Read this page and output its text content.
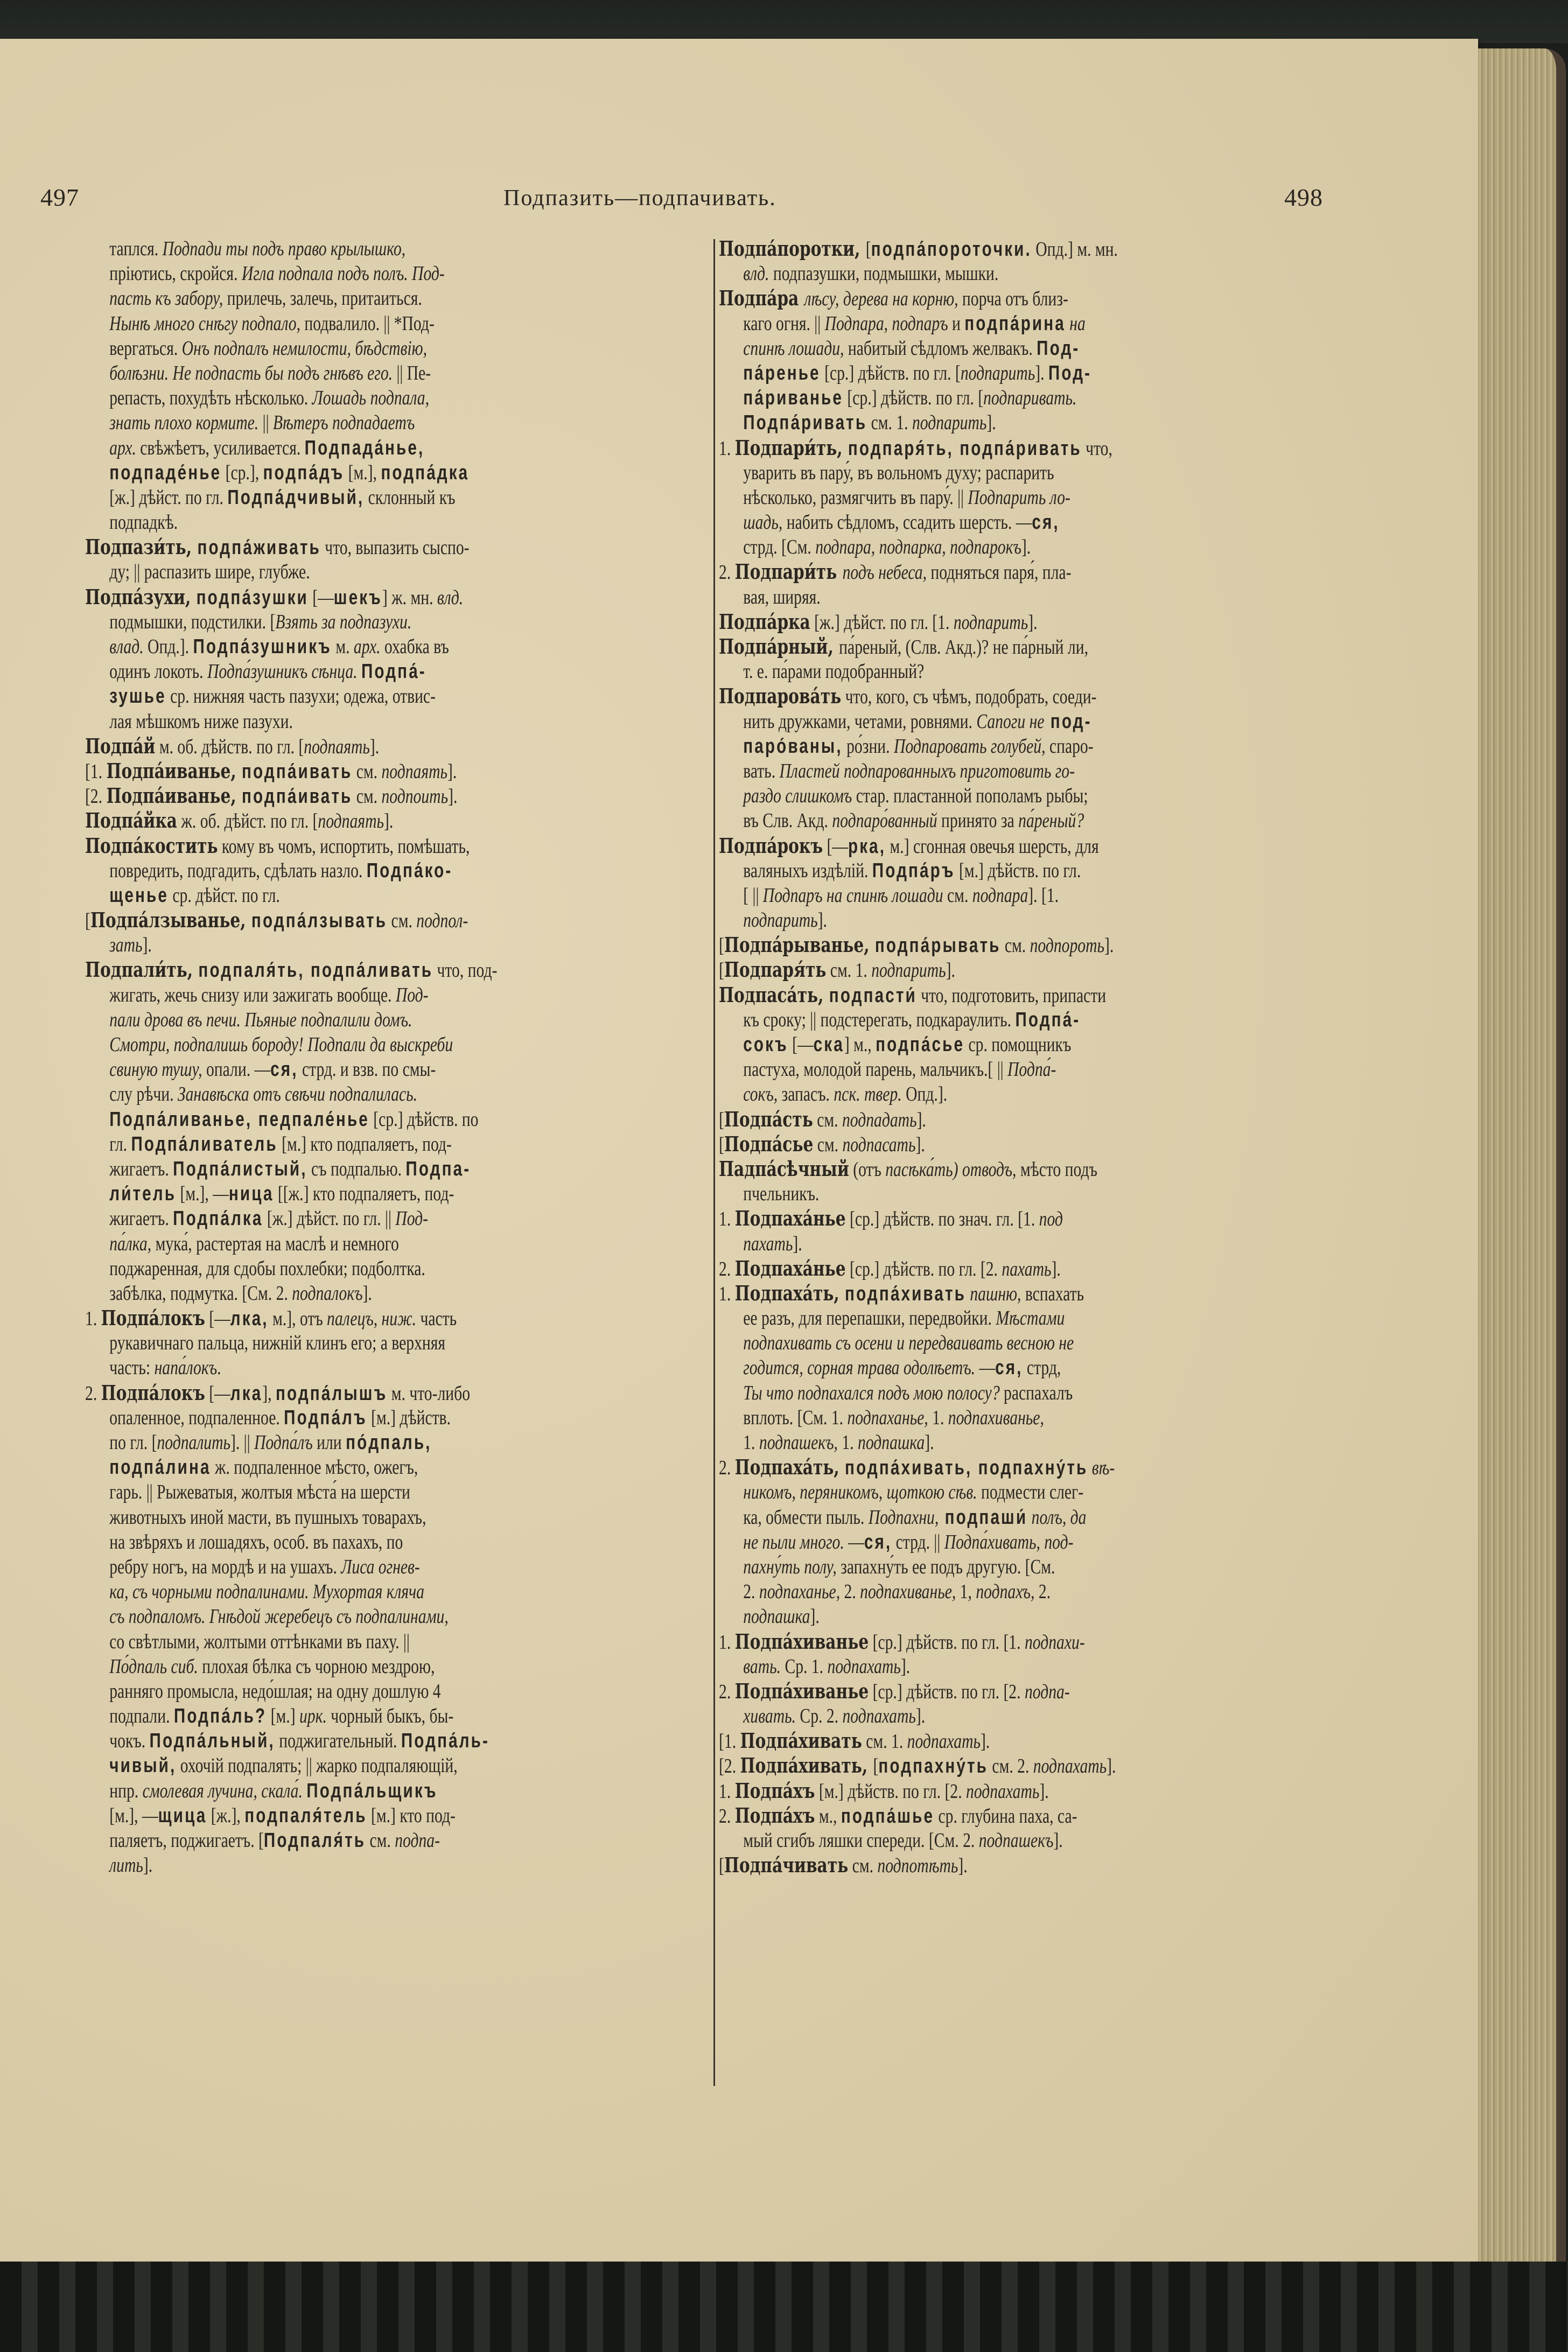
497	Подпазить—подпачивать.	498
таплся. Подпади ты подъ право крылышко,
пріютись, скройся. Игла подпала подъ полъ. Под-
пасть къ забору, прилечь, залечь, притаиться.
Нынѣ много снѣгу подпало, подвалило. || *Под-
вергаться. Онъ подпалъ немилости, бѣдствію,
болѣзни. Не подпасть бы подъ гнѣвъ его. || Пе-
репасть, похудѣть нѣсколько. Лошадь подпала,
знать плохо кормите. || Вѣтеръ подпадаетъ
арх. свѣжѣетъ, усиливается. Подпада́нье,
подпаде́нье [ср.], подпа́дъ [м.], подпа́дка
[ж.] дѣйст. по гл. Подпа́дчивый, склонный къ
подпадкѣ.
Подпази́ть, подпа́живать что, выпазить сыспо-
ду; || распазить шире, глубже.
Подпа́зухи, подпа́зушки [—шекъ] ж. мн. влд.
подмышки, подстилки. [Взять за подпазухи.
влад. Опд.]. Подпа́зушникъ м. арх. охабка въ
одинъ локоть. Подпа́зушникъ сѣнца. Подпа́-
зушье ср. нижняя часть пазухи; одежа, отвис-
лая мѣшкомъ ниже пазухи.
Подпа́й м. об. дѣйств. по гл. [подпаять].
[1. Подпа́иванье, подпа́ивать см. подпаять].
[2. Подпа́иванье, подпа́ивать см. подпоить].
Подпа́йка ж. об. дѣйст. по гл. [подпаять].
Подпа́костить кому въ чомъ, испортить, помѣшать,
повредить, подгадить, сдѣлать назло. Подпа́ко-
щенье ср. дѣйст. по гл.
[Подпа́лзыванье, подпа́лзывать см. подпол-
зать].
Подпали́ть, подпаля́ть, подпа́ливать что, под-
жигать, жечь снизу или зажигать вообще. Под-
пали дрова въ печи. Пьяные подпалили домъ.
Смотри, подпалишь бороду! Подпали да выскреби
свиную тушу, опали. —ся, стрд. и взв. по смы-
слу рѣчи. Занавѣска отъ свѣчи подпалилась.
Подпа́ливанье, педпале́нье [ср.] дѣйств. по
гл. Подпа́ливатель [м.] кто подпаляетъ, под-
жигаетъ. Подпа́листый, съ подпалью. Подпа-
ли́тель [м.], —ница [[ж.] кто подпаляетъ, под-
жигаетъ. Подпа́лка [ж.] дѣйст. по гл. || Под-
па́лка, мука́, растертая на маслѣ и немного
поджаренная, для сдобы похлебки; подболтка.
забѣлка, подмутка. [См. 2. подпалокъ].
1. Подпа́локъ [—лка, м.], отъ палецъ, ниж. часть
рукавичнаго пальца, нижній клинъ его; а верхняя
часть: напа́локъ.
2. Подпа́локъ [—лка], подпа́лышъ м. что-либо
опаленное, подпаленное. Подпа́лъ [м.] дѣйств.
по гл. [подпалить]. || Подпа́лъ или по́дпаль,
подпа́лина ж. подпаленное мѣсто, ожегъ,
гарь. || Рыжеватыя, жолтыя мѣста́ на шерсти
животныхъ иной масти, въ пушныхъ товарахъ,
на звѣряхъ и лошадяхъ, особ. въ пахахъ, по
ребру ногъ, на мордѣ и на ушахъ. Лиса огнев-
ка, съ чорными подпалинами. Мухортая кляча
съ подпаломъ. Гнѣдой жеребецъ съ подпалинами,
со свѣтлыми, жолтыми оттѣнками въ паху. ||
По́дпаль сиб. плохая бѣлка съ чорною мездрою,
ранняго промысла, недо́шлая; на одну дошлую 4
подпали. Подпа́ль? [м.] ирк. чорный быкъ, бы-
чокъ. Подпа́льный, поджигательный. Подпа́ль-
чивый, охочій подпалять; || жарко подпаляющій,
нпр. смолевая лучина, скала́. Подпа́льщикъ
[м.], —щица [ж.], подпаля́тель [м.] кто под-
паляетъ, поджигаетъ. [Подпаля́ть см. подпа-
лить].
Подпа́поротки, [подпа́поротoчки. Опд.] м. мн.
влд. подпазушки, подмышки, мышки.
Подпа́ра лѣсу, дерева на корню, порча отъ близ-
каго огня. || Подпара, подпаръ и подпа́рина на
спинѣ лошади, набитый сѣдломъ желвакъ. Под-
па́ренье [ср.] дѣйств. по гл. [подпарить]. Под-
па́риванье [ср.] дѣйств. по гл. [подпаривать.
Подпа́ривать см. 1. подпарить].
1. Подпари́ть, подпаря́ть, подпа́ривать что,
уварить въ пару́, въ вольномъ духу; распарить
нѣсколько, размягчить въ пару́. || Подпарить ло-
шадь, набить сѣдломъ, ссадить шерсть. —ся,
стрд. [См. подпара, подпарка, подпарокъ].
2. Подпари́ть подъ небеса, подняться паря́, пла-
вая, ширяя.
Подпа́рка [ж.] дѣйст. по гл. [1. подпарить].
Подпа́рный, па́реный, (Слв. Акд.)? не па́рный ли,
т. е. па́рами подобранный?
Подпарова́ть что, кого, съ чѣмъ, подобрать, соеди-
нить дружками, четами, ровнями. Сапоги не под-
паро́ваны, ро́зни. Подпаровать голубей, спаро-
вать. Пластей подпарованныхъ приготовить го-
раздо слишкомъ стар. пластанной пополамъ рыбы;
въ Слв. Акд. подпаро́ванный принято за па́реный?
Подпа́рокъ [—рка, м.] сгонная овечья шерсть, для
валяныхъ издѣлій. Подпа́ръ [м.] дѣйств. по гл.
[ || Подпаръ на спинѣ лошади см. подпара]. [1.
подпарить].
[Подпа́рыванье, подпа́рывать см. подпороть].
[Подпаря́ть см. 1. подпарить].
Подпаса́ть, подпасти́ что, подготовить, припасти
къ сроку; || подстерегать, подкараулить. Подпа́-
сокъ [—ска] м., подпа́сье ср. помощникъ
пастуха, молодой парень, мальчикъ.[ || Подпа́-
сокъ, запасъ. пск. твер. Опд.].
[Подпа́сть см. подпадать].
[Подпа́сье см. подпасать].
Падпа́сѣчный (отъ пасѣка́ть) отводъ, мѣсто подъ
пчельникъ.
1. Подпаха́нье [ср.] дѣйств. по знач. гл. [1. под
пахать].
2. Подпаха́нье [ср.] дѣйств. по гл. [2. пахать].
1. Подпаха́ть, подпа́хивать пашню, вспахать
ее разъ, для перепашки, передвойки. Мѣстами
подпахивать съ осени и передваивать весною не
годится, сорная трава одолѣетъ. —ся, стрд,
Ты что подпахался подъ мою полосу? распахалъ
вплоть. [См. 1. подпаханье, 1. подпахиванье,
1. подпашекъ, 1. подпашка].
2. Подпаха́ть, подпа́хивать, подпахну́ть вѣ-
никомъ, перяникомъ, щоткою сѣв. подмести слег-
ка, обмести пыль. Подпахни, подпаши́ полъ, да
не пыли много. —ся, стрд. || Подпа́хивать, под-
пахну́ть полу, запахну́ть ее подъ другую. [См.
2. подпаханье, 2. подпахиванье, 1, подпахъ, 2.
подпашка].
1. Подпа́хиванье [ср.] дѣйств. по гл. [1. подпахи-
вать. Ср. 1. подпахать].
2. Подпа́хиванье [ср.] дѣйств. по гл. [2. подпа-
хивать. Ср. 2. подпахать].
[1. Подпа́хивать см. 1. подпахать].
[2. Подпа́хивать, [подпахну́ть см. 2. подпахать].
1. Подпа́хъ [м.] дѣйств. по гл. [2. подпахать].
2. Подпа́хъ м., подпа́шье ср. глубина паха, са-
мый сгибъ ляшки спереди. [См. 2. подпашекъ].
[Подпа́чивать см. подпотѣть].
